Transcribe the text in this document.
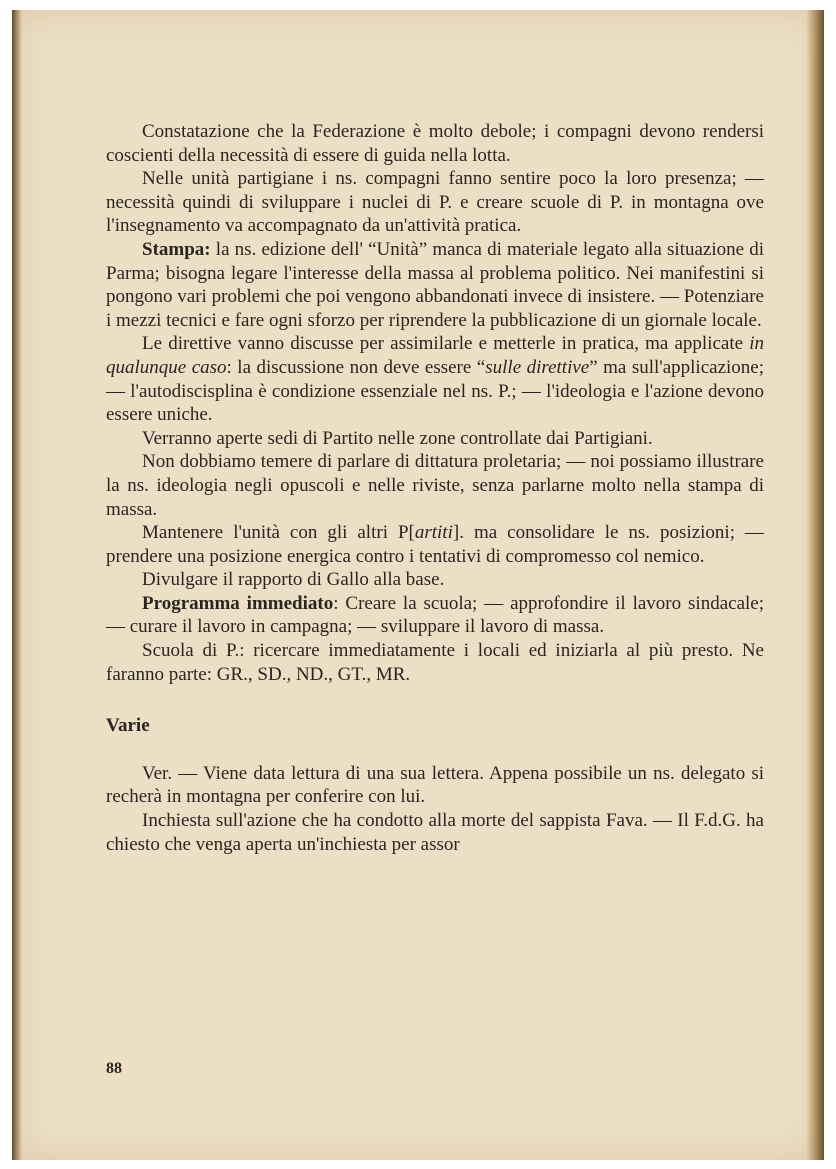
Constatazione che la Federazione è molto debole; i compagni devono rendersi coscienti della necessità di essere di guida nella lotta.

Nelle unità partigiane i ns. compagni fanno sentire poco la loro presenza; — necessità quindi di sviluppare i nuclei di P. e creare scuole di P. in montagna ove l'insegnamento va accompagnato da un'attività pratica.

Stampa: la ns. edizione dell' “Unità” manca di materiale legato alla situazione di Parma; bisogna legare l'interesse della massa al problema politico. Nei manifestini si pongono vari problemi che poi vengono abbandonati invece di insistere. — Potenziare i mezzi tecnici e fare ogni sforzo per riprendere la pubblicazione di un giornale locale.

Le direttive vanno discusse per assimilarle e metterle in pratica, ma applicate in qualunque caso: la discussione non deve essere “sulle direttive” ma sull'applicazione; — l'autodiscisplina è condizione essenziale nel ns. P.; — l'ideologia e l'azione devono essere uniche.

Verranno aperte sedi di Partito nelle zone controllate dai Partigiani.

Non dobbiamo temere di parlare di dittatura proletaria; — noi possiamo illustrare la ns. ideologia negli opuscoli e nelle riviste, senza parlarne molto nella stampa di massa.

Mantenere l'unità con gli altri P[artiti]. ma consolidare le ns. posizioni; — prendere una posizione energica contro i tentativi di compromesso col nemico.

Divulgare il rapporto di Gallo alla base.

Programma immediato: Creare la scuola; — approfondire il lavoro sindacale; — curare il lavoro in campagna; — sviluppare il lavoro di massa.

Scuola di P.: ricercare immediatamente i locali ed iniziarla al più presto. Ne faranno parte: GR., SD., ND., GT., MR.

Varie

Ver. — Viene data lettura di una sua lettera. Appena possibile un ns. delegato si recherà in montagna per conferire con lui.

Inchiesta sull'azione che ha condotto alla morte del sappista Fava. — Il F.d.G. ha chiesto che venga aperta un'inchiesta per assor

88
